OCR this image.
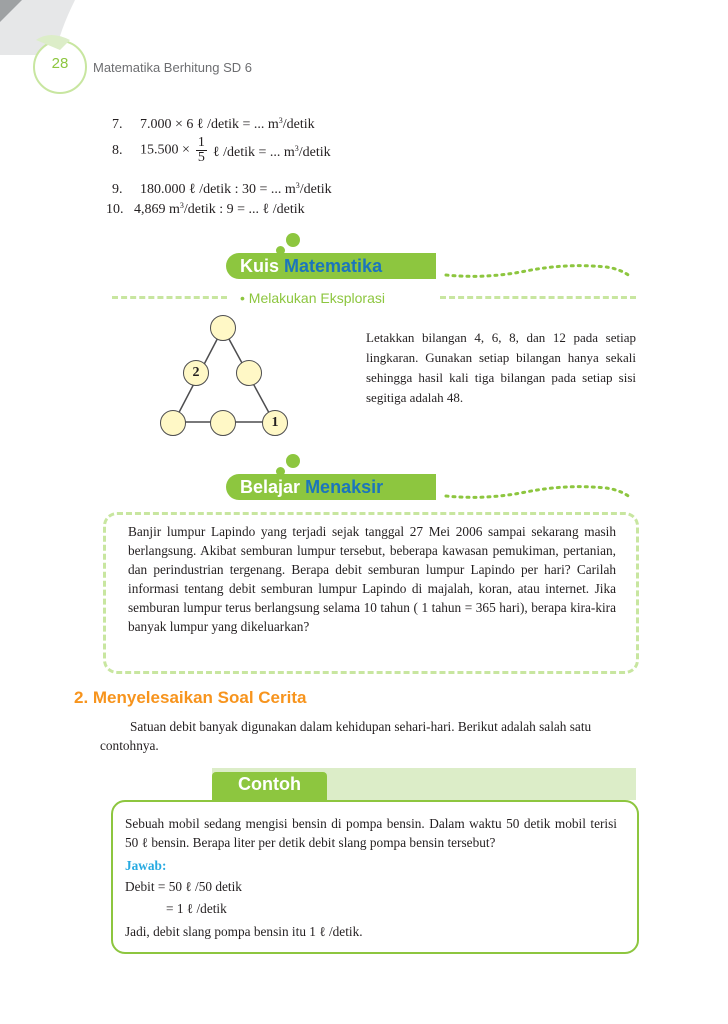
28	Matematika Berhitung SD 6
7. 7.000 × 6 ℓ /detik = ... $m^3$/detik
8. $15.500 \times \frac{1}{5}$ ℓ /detik = ... $m^3$/detik
9. 180.000 ℓ /detik : 30 = ... $m^3$/detik
10. 4,869 $m^3$/detik : 9 = ... ℓ /detik
Kuis Matematika
• Melakukan Eksplorasi
2
1
Letakkan bilangan 4, 6, 8, dan 12 pada setiap lingkaran. Gunakan setiap bilangan hanya sekali sehingga hasil kali tiga bilangan pada setiap sisi segitiga adalah 48.
Belajar Menaksir
Banjir lumpur Lapindo yang terjadi sejak tanggal 27 Mei 2006 sampai sekarang masih berlangsung. Akibat semburan lumpur tersebut, beberapa kawasan pemukiman, pertanian, dan perindustrian tergenang. Berapa debit semburan lumpur Lapindo per hari? Carilah informasi tentang debit semburan lumpur Lapindo di majalah, koran, atau internet. Jika semburan lumpur terus berlangsung selama 10 tahun ( 1 tahun = 365 hari), berapa kira-kira banyak lumpur yang dikeluarkan?
2. Menyelesaikan Soal Cerita
Satuan debit banyak digunakan dalam kehidupan sehari-hari. Berikut adalah salah satu contohnya.
Contoh
Sebuah mobil sedang mengisi bensin di pompa bensin. Dalam waktu 50 detik mobil terisi 50 ℓ bensin. Berapa liter per detik debit slang pompa bensin tersebut?
Jawab:
Debit = 50 ℓ /50 detik
= 1 ℓ /detik
Jadi, debit slang pompa bensin itu 1 ℓ /detik.
